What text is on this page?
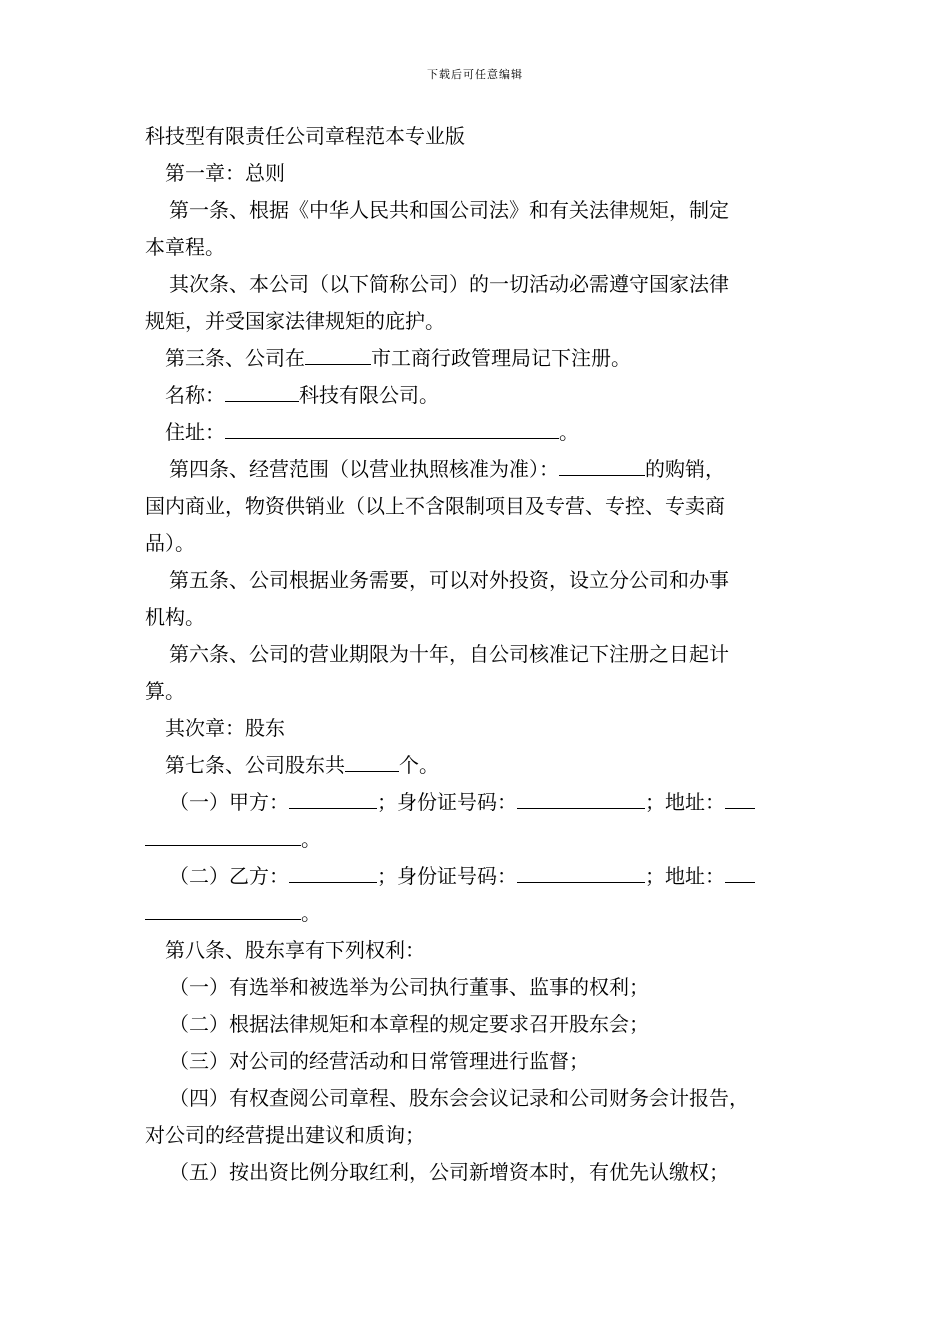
下载后可任意编辑

科技型有限责任公司章程范本专业版

第一章：总则

第一条、根据《中华人民共和国公司法》和有关法律规矩，制定

本章程。

其次条、本公司（以下简称公司）的一切活动必需遵守国家法律

规矩，并受国家法律规矩的庇护。

第三条、公司在	市工商行政管理局记下注册。

名称：	科技有限公司。

住址：	。

第四条、经营范围（以营业执照核准为准）：	的购销，

国内商业，物资供销业（以上不含限制项目及专营、专控、专卖商

品）。

第五条、公司根据业务需要，可以对外投资，设立分公司和办事

机构。

第六条、公司的营业期限为十年，自公司核准记下注册之日起计

算。

其次章：股东

第七条、公司股东共	个。

（一）甲方：	；身份证号码：	；地址：

。

（二）乙方：	；身份证号码：	；地址：

。

第八条、股东享有下列权利：

（一）有选举和被选举为公司执行董事、监事的权利；

（二）根据法律规矩和本章程的规定要求召开股东会；

（三）对公司的经营活动和日常管理进行监督；

（四）有权查阅公司章程、股东会会议记录和公司财务会计报告，

对公司的经营提出建议和质询；

（五）按出资比例分取红利，公司新增资本时，有优先认缴权；
